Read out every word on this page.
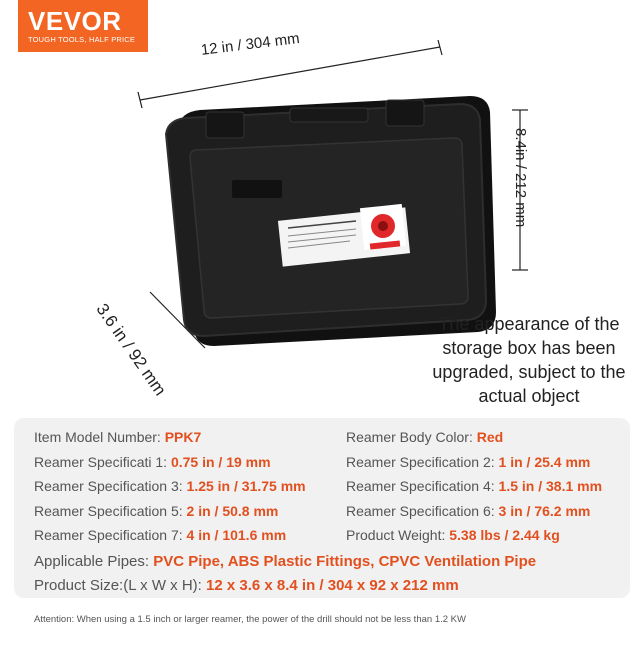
VEVOR
TOUGH TOOLS, HALF PRICE	12 in / 304 mm
8.4in / 212 mm
3.6 in / 92 mm	The appearance of the storage box has been upgraded, subject to the actual object
Item Model Number: PPK7	Reamer Body Color: Red
Reamer Specificati 1: 0.75 in / 19 mm	Reamer Specification 2: 1 in / 25.4 mm
Reamer Specification 3: 1.25 in / 31.75 mm	Reamer Specification 4: 1.5 in / 38.1 mm
Reamer Specification 5: 2 in / 50.8 mm	Reamer Specification 6: 3 in / 76.2 mm
Reamer Specification 7: 4 in / 101.6 mm	Product Weight: 5.38 lbs / 2.44 kg
Applicable Pipes: PVC Pipe, ABS Plastic Fittings, CPVC Ventilation Pipe
Product Size:(L x W x H): 12 x 3.6 x 8.4 in / 304 x 92 x 212 mm
Attention: When using a 1.5 inch or larger reamer, the power of the drill should not be less than 1.2 KW
